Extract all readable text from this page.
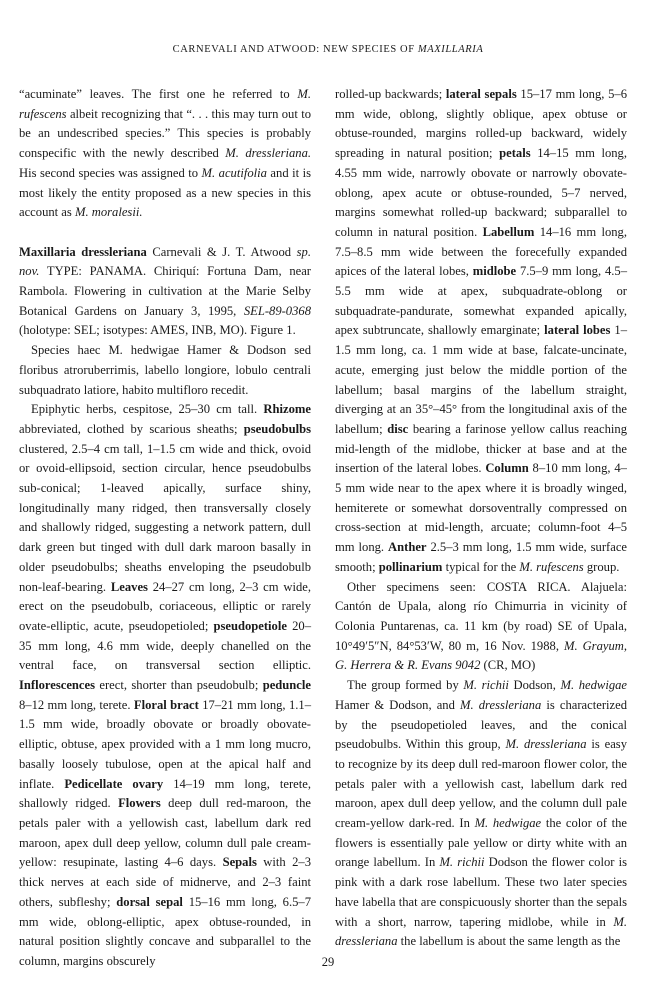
CARNEVALI AND ATWOOD: NEW SPECIES OF MAXILLARIA

“acuminate” leaves. The first one he referred to M. rufescens albeit recognizing that “. . . this may turn out to be an undescribed species.” This species is probably conspecific with the newly described M. dressleriana. His second species was assigned to M. acutifolia and it is most likely the entity proposed as a new species in this account as M. moralesii.

Maxillaria dressleriana Carnevali & J. T. Atwood sp. nov. TYPE: PANAMA. Chiriquí: Fortuna Dam, near Rambola. Flowering in cultivation at the Marie Selby Botanical Gardens on January 3, 1995, SEL-89-0368 (holotype: SEL; isotypes: AMES, INB, MO). Figure 1.

Species haec M. hedwigae Hamer & Dodson sed floribus atroruberrimis, labello longiore, lobulo centrali subquadrato latiore, habito multifloro recedit.

Epiphytic herbs, cespitose, 25–30 cm tall. Rhizome abbreviated, clothed by scarious sheaths; pseudobulbs clustered, 2.5–4 cm tall, 1–1.5 cm wide and thick, ovoid or ovoid-ellipsoid, section circular, hence pseudobulbs sub-conical; 1-leaved apically, surface shiny, longitudinally many ridged, then transversally closely and shallowly ridged, suggesting a network pattern, dull dark green but tinged with dull dark maroon basally in older pseudobulbs; sheaths enveloping the pseudobulb non-leaf-bearing. Leaves 24–27 cm long, 2–3 cm wide, erect on the pseudobulb, coriaceous, elliptic or rarely ovate-elliptic, acute, pseudopetioled; pseudopetiole 20–35 mm long, 4.6 mm wide, deeply chanelled on the ventral face, on transversal section elliptic. Inflorescences erect, shorter than pseudobulb; peduncle 8–12 mm long, terete. Floral bract 17–21 mm long, 1.1–1.5 mm wide, broadly obovate or broadly obovate-elliptic, obtuse, apex provided with a 1 mm long mucro, basally loosely tubulose, open at the apical half and inflate. Pedicellate ovary 14–19 mm long, terete, shallowly ridged. Flowers deep dull red-maroon, the petals paler with a yellowish cast, labellum dark red maroon, apex dull deep yellow, column dull pale cream-yellow: resupinate, lasting 4–6 days. Sepals with 2–3 thick nerves at each side of midnerve, and 2–3 faint others, subfleshy; dorsal sepal 15–16 mm long, 6.5–7 mm wide, oblong-elliptic, apex obtuse-rounded, in natural position slightly concave and subparallel to the column, margins obscurely

rolled-up backwards; lateral sepals 15–17 mm long, 5–6 mm wide, oblong, slightly oblique, apex obtuse or obtuse-rounded, margins rolled-up backward, widely spreading in natural position; petals 14–15 mm long, 4.55 mm wide, narrowly obovate or narrowly obovate-oblong, apex acute or obtuse-rounded, 5–7 nerved, margins somewhat rolled-up backward; subparallel to column in natural position. Labellum 14–16 mm long, 7.5–8.5 mm wide between the forecefully expanded apices of the lateral lobes, midlobe 7.5–9 mm long, 4.5–5.5 mm wide at apex, subquadrate-oblong or subquadrate-pandurate, somewhat expanded apically, apex subtruncate, shallowly emarginate; lateral lobes 1–1.5 mm long, ca. 1 mm wide at base, falcate-uncinate, acute, emerging just below the middle portion of the labellum; basal margins of the labellum straight, diverging at an 35°–45° from the longitudinal axis of the labellum; disc bearing a farinose yellow callus reaching mid-length of the midlobe, thicker at base and at the insertion of the lateral lobes. Column 8–10 mm long, 4–5 mm wide near to the apex where it is broadly winged, hemiterete or somewhat dorsoventrally compressed on cross-section at mid-length, arcuate; column-foot 4–5 mm long. Anther 2.5–3 mm long, 1.5 mm wide, surface smooth; pollinarium typical for the M. rufescens group.

Other specimens seen: COSTA RICA. Alajuela: Cantón de Upala, along río Chimurria in vicinity of Colonia Puntarenas, ca. 11 km (by road) SE of Upala, 10°49′5″N, 84°53′W, 80 m, 16 Nov. 1988, M. Grayum, G. Herrera & R. Evans 9042 (CR, MO)

The group formed by M. richii Dodson, M. hedwigae Hamer & Dodson, and M. dressleriana is characterized by the pseudopetioled leaves, and the conical pseudobulbs. Within this group, M. dressleriana is easy to recognize by its deep dull red-maroon flower color, the petals paler with a yellowish cast, labellum dark red maroon, apex dull deep yellow, and the column dull pale cream-yellow dark-red. In M. hedwigae the color of the flowers is essentially pale yellow or dirty white with an orange labellum. In M. richii Dodson the flower color is pink with a dark rose labellum. These two later species have labella that are conspicuously shorter than the sepals with a short, narrow, tapering midlobe, while in M. dressleriana the labellum is about the same length as the

29
